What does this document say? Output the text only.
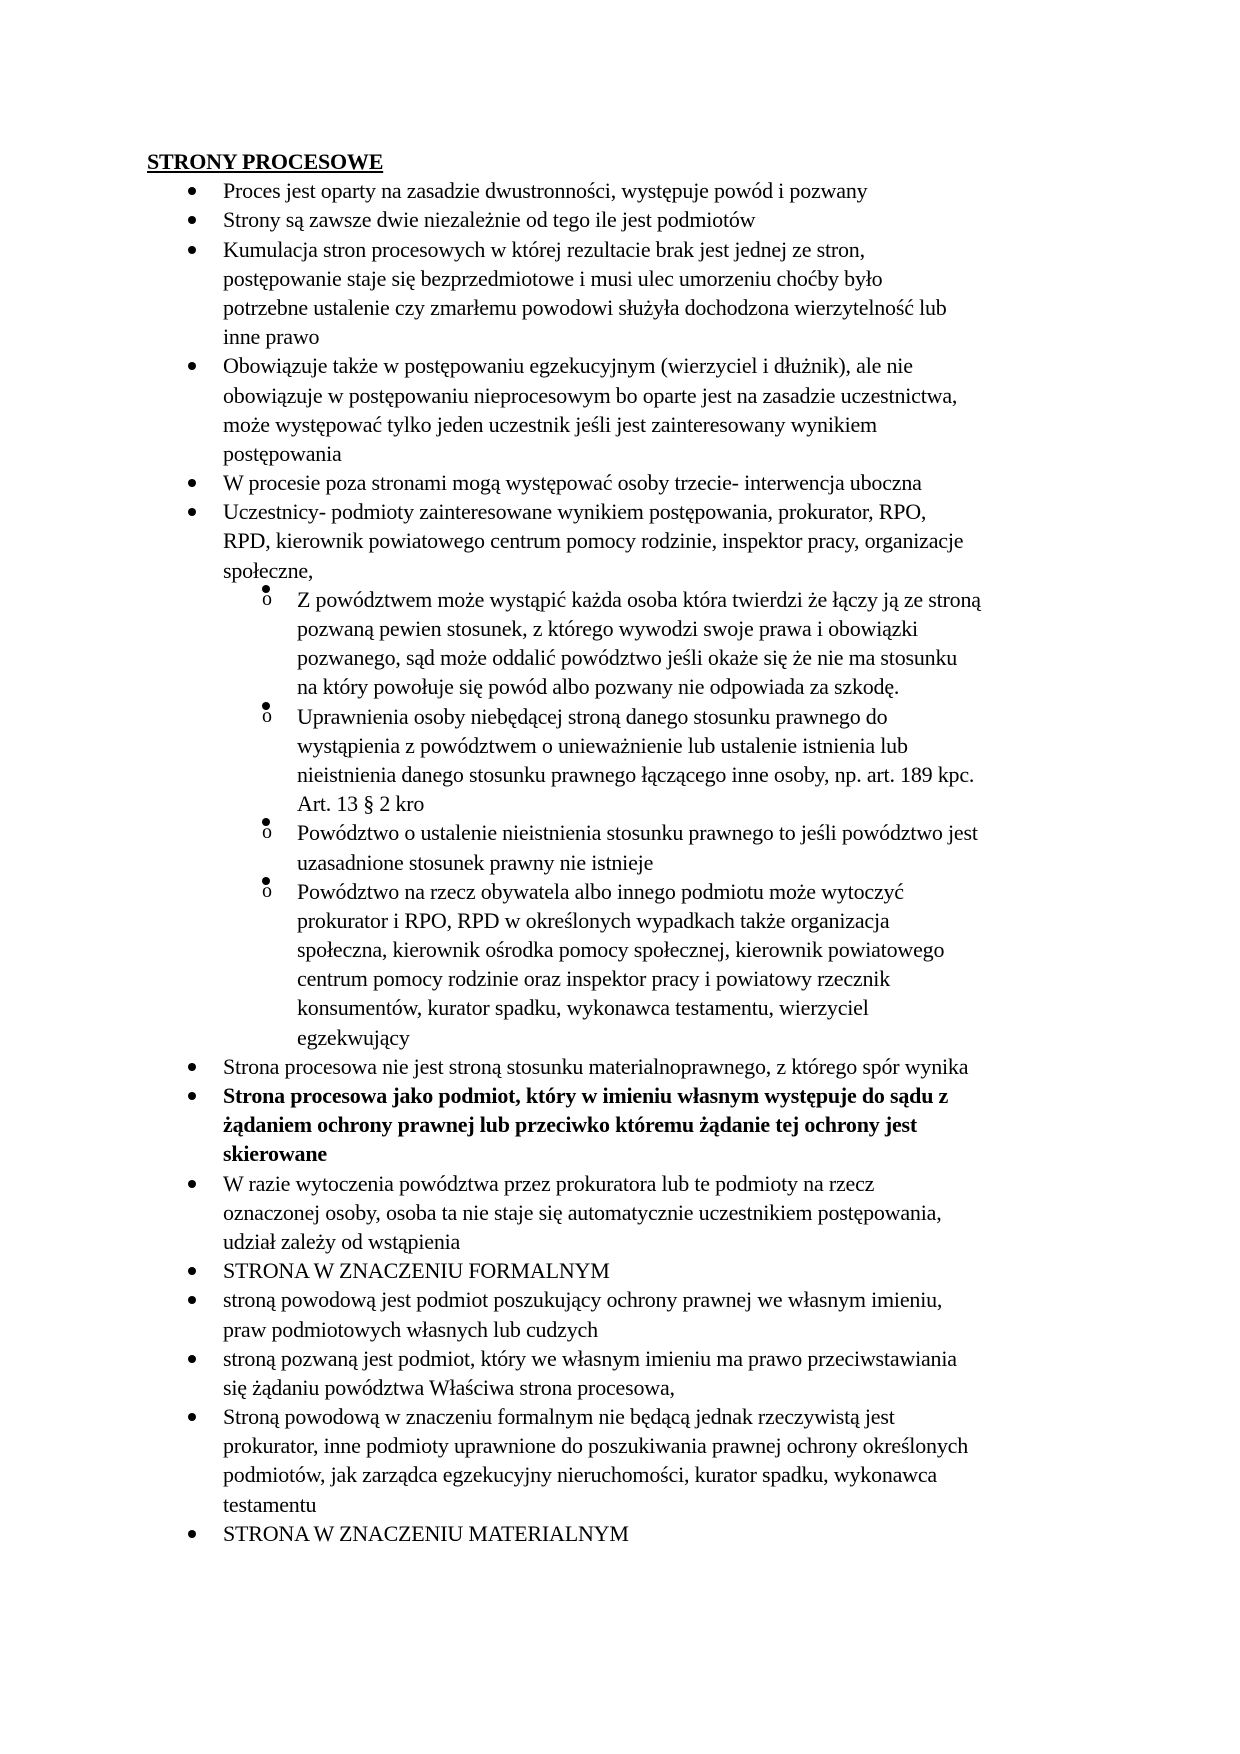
STRONY PROCESOWE
Proces jest oparty na zasadzie dwustronności, występuje powód i pozwany
Strony są zawsze dwie niezależnie od tego ile jest podmiotów
Kumulacja stron procesowych w której rezultacie brak jest jednej ze stron,
postępowanie staje się bezprzedmiotowe i musi ulec umorzeniu choćby było
potrzebne ustalenie czy zmarłemu powodowi służyła dochodzona wierzytelność lub
inne prawo
Obowiązuje także w postępowaniu egzekucyjnym (wierzyciel i dłużnik), ale nie
obowiązuje w postępowaniu nieprocesowym bo oparte jest na zasadzie uczestnictwa,
może występować tylko jeden uczestnik jeśli jest zainteresowany wynikiem
postępowania
W procesie poza stronami mogą występować osoby trzecie- interwencja uboczna
Uczestnicy- podmioty zainteresowane wynikiem postępowania, prokurator, RPO,
RPD, kierownik powiatowego centrum pomocy rodzinie, inspektor pracy, organizacje
społeczne,
o	Z powództwem może wystąpić każda osoba która twierdzi że łączy ją ze stroną
pozwaną pewien stosunek, z którego wywodzi swoje prawa i obowiązki
pozwanego, sąd może oddalić powództwo jeśli okaże się że nie ma stosunku
na który powołuje się powód albo pozwany nie odpowiada za szkodę.
o	Uprawnienia osoby niebędącej stroną danego stosunku prawnego do
wystąpienia z powództwem o unieważnienie lub ustalenie istnienia lub
nieistnienia danego stosunku prawnego łączącego inne osoby, np. art. 189 kpc.
Art. 13 § 2 kro
o	Powództwo o ustalenie nieistnienia stosunku prawnego to jeśli powództwo jest
uzasadnione stosunek prawny nie istnieje
o	Powództwo na rzecz obywatela albo innego podmiotu może wytoczyć
prokurator i RPO, RPD w określonych wypadkach także organizacja
społeczna, kierownik ośrodka pomocy społecznej, kierownik powiatowego
centrum pomocy rodzinie oraz inspektor pracy i powiatowy rzecznik
konsumentów, kurator spadku, wykonawca testamentu, wierzyciel
egzekwujący
Strona procesowa nie jest stroną stosunku materialnoprawnego, z którego spór wynika
Strona procesowa jako podmiot, który w imieniu własnym występuje do sądu z
żądaniem ochrony prawnej lub przeciwko któremu żądanie tej ochrony jest
skierowane
W razie wytoczenia powództwa przez prokuratora lub te podmioty na rzecz
oznaczonej osoby, osoba ta nie staje się automatycznie uczestnikiem postępowania,
udział zależy od wstąpienia
STRONA W ZNACZENIU FORMALNYM
stroną powodową jest podmiot poszukujący ochrony prawnej we własnym imieniu,
praw podmiotowych własnych lub cudzych
stroną pozwaną jest podmiot, który we własnym imieniu ma prawo przeciwstawiania
się żądaniu powództwa Właściwa strona procesowa,
Stroną powodową w znaczeniu formalnym nie będącą jednak rzeczywistą jest
prokurator, inne podmioty uprawnione do poszukiwania prawnej ochrony określonych
podmiotów, jak zarządca egzekucyjny nieruchomości, kurator spadku, wykonawca
testamentu
STRONA W ZNACZENIU MATERIALNYM
